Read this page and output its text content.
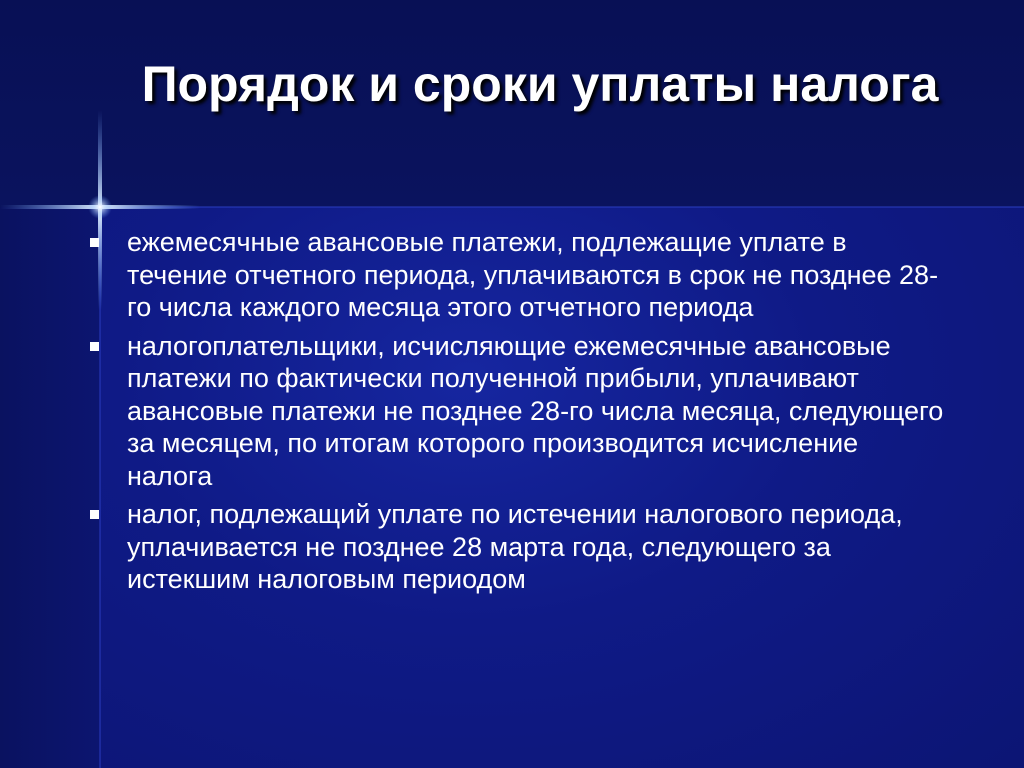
Порядок и сроки уплаты налога
ежемесячные авансовые платежи, подлежащие уплате в течение отчетного периода, уплачиваются в срок не позднее 28-го числа каждого месяца этого отчетного периода
налогоплательщики, исчисляющие ежемесячные авансовые платежи по фактически полученной прибыли, уплачивают авансовые платежи не позднее 28-го числа месяца, следующего за месяцем, по итогам которого производится исчисление налога
налог, подлежащий уплате по истечении налогового периода, уплачивается не позднее 28 марта года, следующего за истекшим налоговым периодом
